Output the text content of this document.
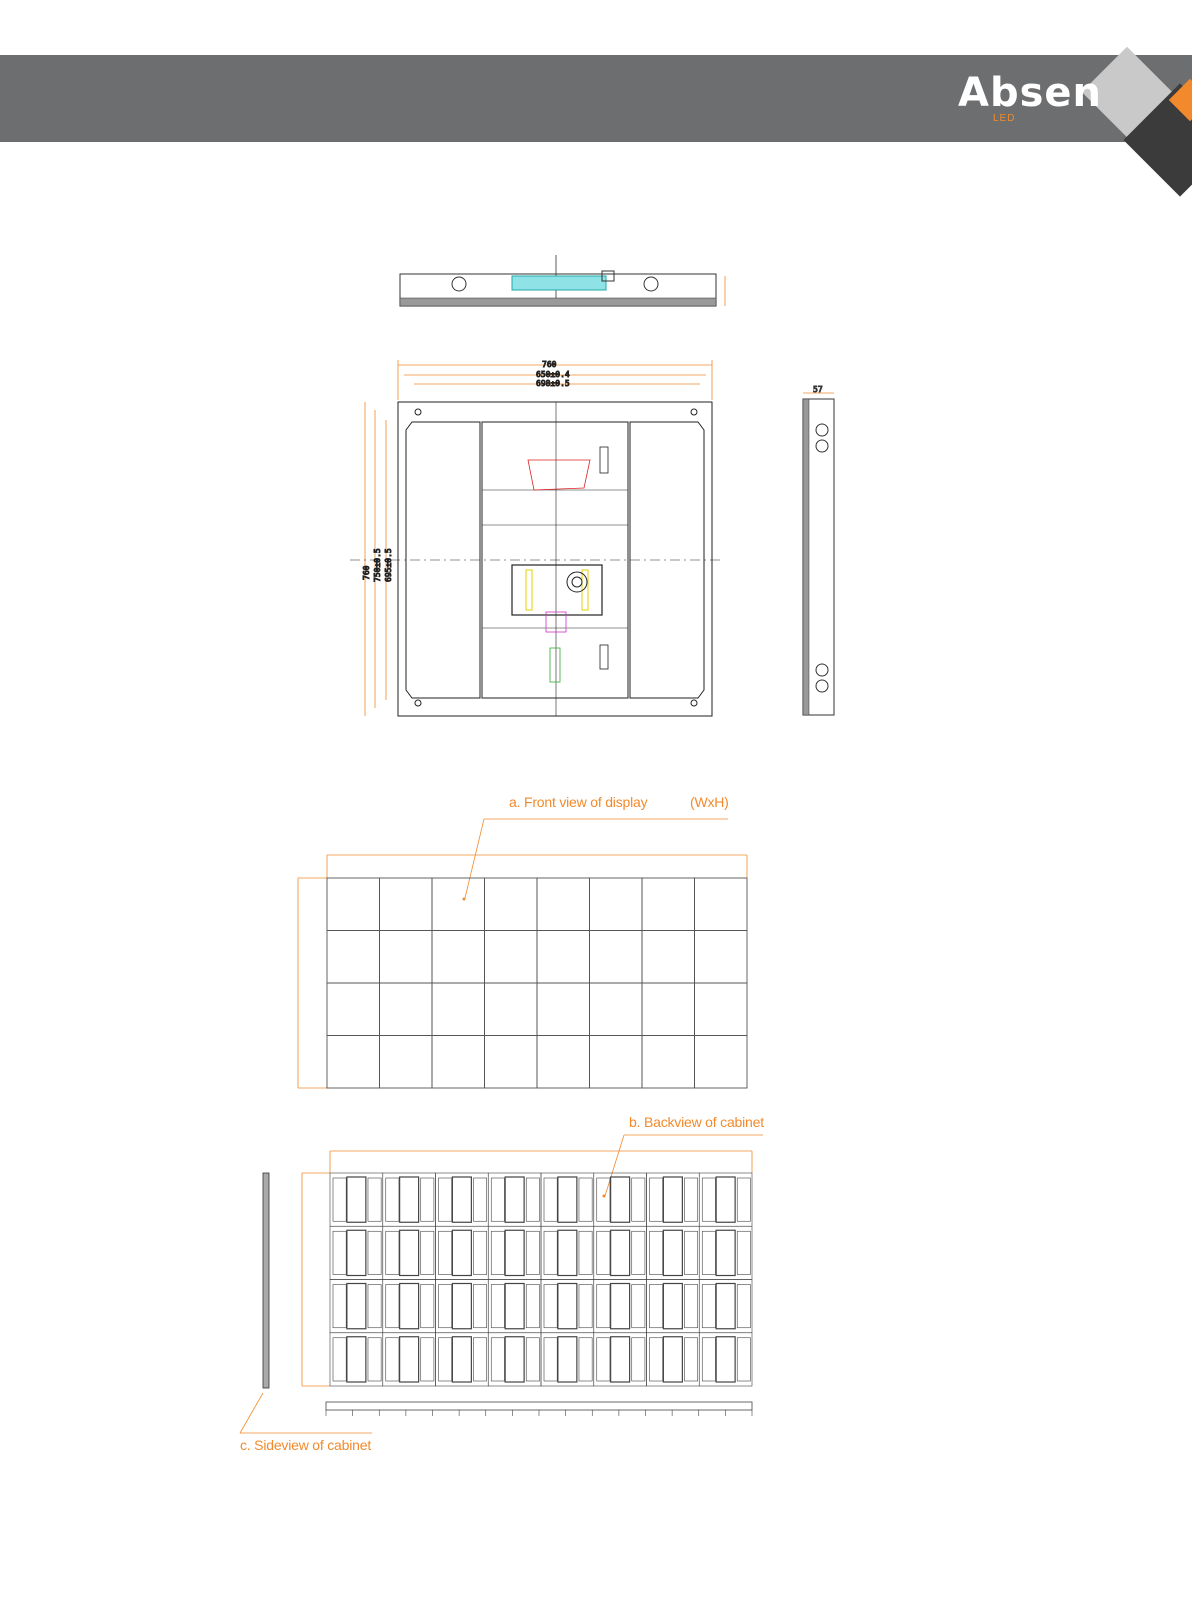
Absen
LED
760
650±0.4
698±0.5
760 750±0.5 695±0.5
57
a. Front view of display	(WxH)
b. Backview of cabinet
c. Sideview of cabinet
